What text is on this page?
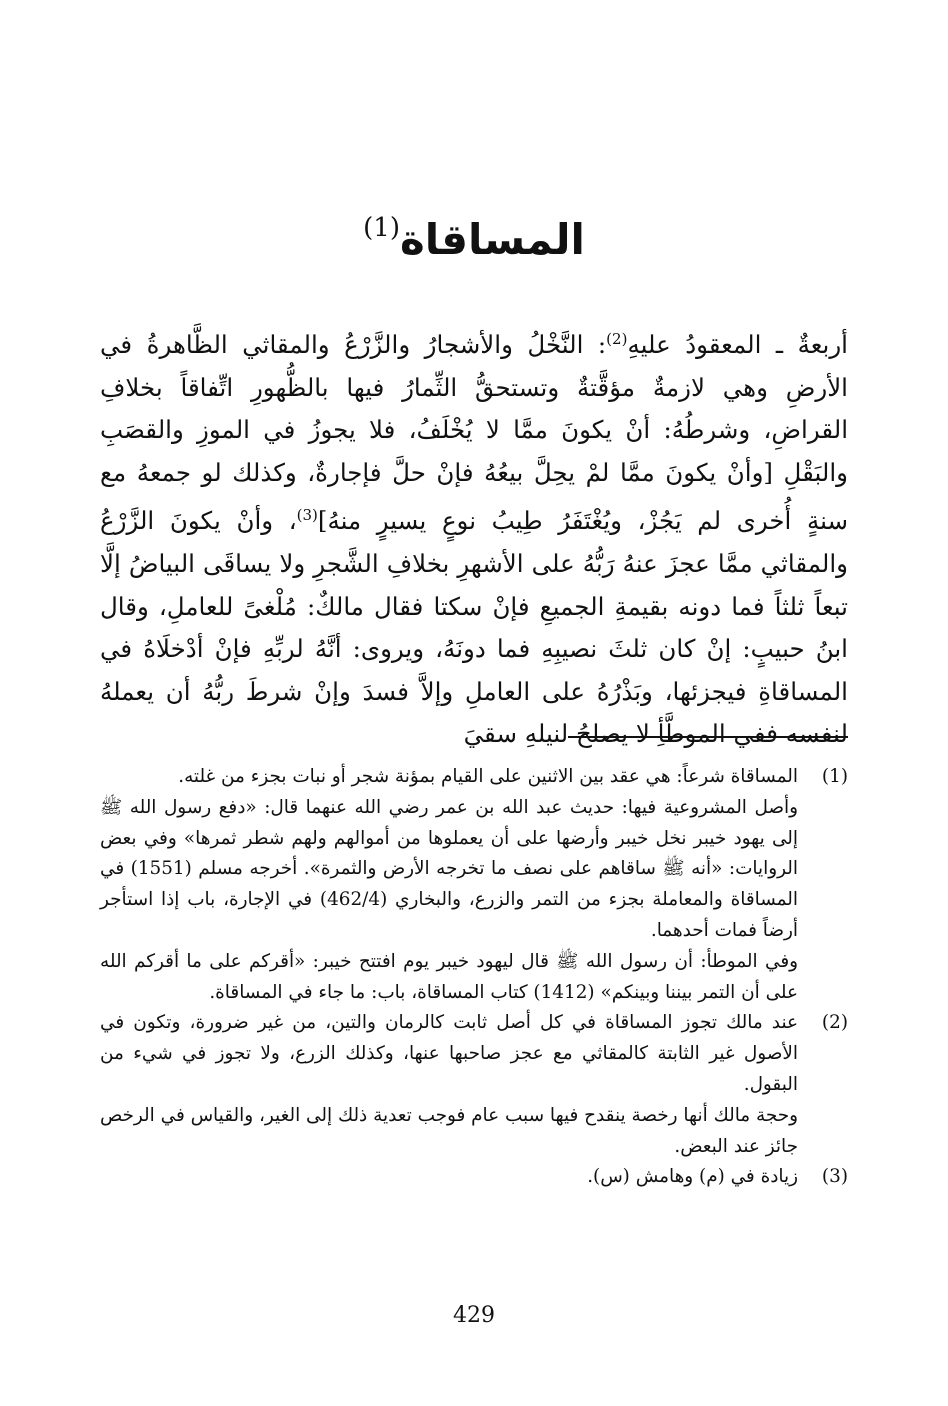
المساقاة$^{(1)}$

أربعةٌ ـ المعقودُ عليهِ$^{(2)}$: النَّخْلُ والأشجارُ والزَّرْعُ والمقاثي الظَّاهرةُ في الأرضِ وهي لازمةٌ مؤقَّتةٌ وتستحقُّ الثِّمارُ فيها بالظُّهورِ اتِّفاقاً بخلافِ القراضِ، وشرطُهُ: أنْ يكونَ ممَّا لا يُخْلَفُ، فلا يجوزُ في الموزِ والقصَبِ والبَقْلِ [وأنْ يكونَ ممَّا لمْ يحِلَّ بيعُهُ فإنْ حلَّ فإجارةٌ، وكذلك لو جمعهُ مع سنةٍ أُخرى لم يَجُزْ، ويُغْتَفَرُ طِيبُ نوعٍ يسيرٍ منهُ]$^{(3)}$، وأنْ يكونَ الزَّرْعُ والمقاثي ممَّا عجزَ عنهُ رَبُّهُ على الأشهرِ بخلافِ الشَّجرِ ولا يساقَى البياضُ إلَّا تبعاً ثلثاً فما دونه بقيمةِ الجميعِ فإنْ سكتا فقال مالكٌ: مُلْغىً للعاملِ، وقال ابنُ حبيبٍ: إنْ كان ثلثَ نصيبِهِ فما دونَهُ، ويروى: أنَّهُ لربِّهِ فإنْ أدْخلَاهُ في المساقاةِ فيجزئها، وبَذْرُهُ على العاملِ وإلاَّ فسدَ وإنْ شرطَ ربُّهُ أن يعملهُ لنفسه ففي الموطَّأِ لا يصلحُ لنيلهِ سقيَ

(1)

المساقاة شرعاً: هي عقد بين الاثنين على القيام بمؤنة شجر أو نبات بجزء من غلته.

وأصل المشروعية فيها: حديث عبد الله بن عمر رضي الله عنهما قال: «دفع رسول الله ﷺ إلى يهود خيبر نخل خيبر وأرضها على أن يعملوها من أموالهم ولهم شطر ثمرها» وفي بعض الروايات: «أنه ﷺ ساقاهم على نصف ما تخرجه الأرض والثمرة». أخرجه مسلم (1551) في المساقاة والمعاملة بجزء من التمر والزرع، والبخاري (462/4) في الإجارة، باب إذا استأجر أرضاً فمات أحدهما.

وفي الموطأ: أن رسول الله ﷺ قال ليهود خيبر يوم افتتح خيبر: «أقركم على ما أقركم الله على أن التمر بيننا وبينكم» (1412) كتاب المساقاة، باب: ما جاء في المساقاة.

(2)

عند مالك تجوز المساقاة في كل أصل ثابت كالرمان والتين، من غير ضرورة، وتكون في الأصول غير الثابتة كالمقاثي مع عجز صاحبها عنها، وكذلك الزرع، ولا تجوز في شيء من البقول.

وحجة مالك أنها رخصة ينقدح فيها سبب عام فوجب تعدية ذلك إلى الغير، والقياس في الرخص جائز عند البعض.

(3)

زيادة في (م) وهامش (س).

429
